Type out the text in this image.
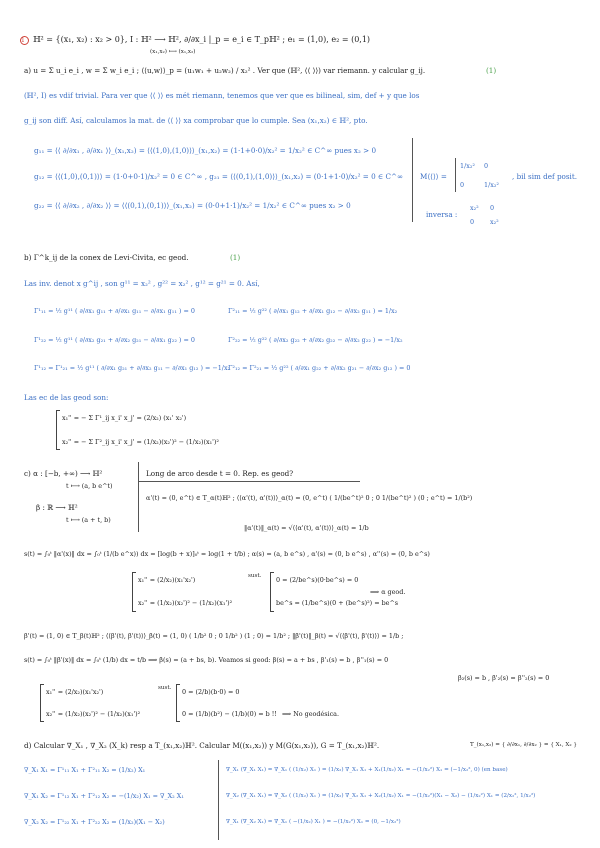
1 ℍ² = {(x₁, x₂) : x₂ > 0}, I : ℍ² ⟶ ℍ², ∂/∂x_i |_p = e_i ∈ T_pℍ² ; e₁ = (1,0), e₂ = (0,1)
(x₁,x₂) ⟼ (x₁,x₂)
a) u = Σ u_i e_i , w = Σ w_i e_i ; ⟨⟨u,w⟩⟩_p = (u₁w₁ + u₂w₂) / x₂² . Ver que (ℍ², ⟨⟨ ⟩⟩) var riemann. y calcular g_ij.	(1)
(ℍ², I) es vdif trivial. Para ver que ⟨⟨ ⟩⟩ es mét riemann, tenemos que ver que es bilineal, sim, def + y que los
g_ij son diff. Así, calculamos la mat. de ⟨⟨ ⟩⟩ xa comprobar que lo cumple. Sea (x₁,x₂) ∈ ℍ², pto.
g₁₁ = ⟨⟨ ∂/∂x₁ , ∂/∂x₁ ⟩⟩_(x₁,x₂) = ⟨⟨(1,0),(1,0)⟩⟩_(x₁,x₂) = (1·1+0·0)/x₂² = 1/x₂² ∈ C^∞ pues x₂ > 0
g₁₂ = ⟨⟨(1,0),(0,1)⟩⟩ = (1·0+0·1)/x₂² = 0 ∈ C^∞ , g₂₁ = ⟨⟨(0,1),(1,0)⟩⟩_(x₁,x₂) = (0·1+1·0)/x₂² = 0 ∈ C^∞
g₂₂ = ⟨⟨ ∂/∂x₂ , ∂/∂x₂ ⟩⟩ = ⟨⟨(0,1),(0,1)⟩⟩_(x₁,x₂) = (0·0+1·1)/x₂² = 1/x₂² ∈ C^∞ pues x₂ > 0
M⟨⟨⟩⟩ =
1/x₂² 0
0	1/x₂²
, bil sim def posit.
inversa :
x₂² 0
0 x₂²
b) Γ^k_ij de la conex de Levi-Civita, ec geod.	(1)
Las inv. denot x g^ij , son g¹¹ = x₂² , g²² = x₂² , g¹² = g²¹ = 0. Así,
Γ¹₁₁ = ½ g¹¹ ( ∂/∂x₁ g₁₁ + ∂/∂x₁ g₁₁ − ∂/∂x₁ g₁₁ ) = 0	Γ²₁₁ = ½ g²² ( ∂/∂x₁ g₁₂ + ∂/∂x₁ g₁₂ − ∂/∂x₂ g₁₁ ) = 1/x₂
Γ¹₂₂ = ½ g¹¹ ( ∂/∂x₂ g₂₁ + ∂/∂x₂ g₂₁ − ∂/∂x₁ g₂₂ ) = 0	Γ²₂₂ = ½ g²² ( ∂/∂x₂ g₂₂ + ∂/∂x₂ g₂₂ − ∂/∂x₂ g₂₂ ) = −1/x₂
Γ¹₁₂ = Γ¹₂₁ = ½ g¹¹ ( ∂/∂x₁ g₂₁ + ∂/∂x₂ g₁₁ − ∂/∂x₁ g₁₂ ) = −1/x₂
Γ²₁₂ = Γ²₂₁ = ½ g²² ( ∂/∂x₁ g₂₂ + ∂/∂x₂ g₂₁ − ∂/∂x₂ g₁₂ ) = 0
Las ec de las geod son:
x₁'' = − Σ Γ¹_ij x_i' x_j' = (2/x₂) (x₁' x₂')
x₂'' = − Σ Γ²_ij x_i' x_j' = (1/x₂)(x₂')² − (1/x₂)(x₁')²
c) α : [−b, +∞) ⟶ ℍ²
t ⟼ (a, b e^t)
β : ℝ ⟶ ℍ²
t ⟼ (a + t, b)
Long de arco desde t = 0. Rep. es geod?
α'(t) = (0, e^t) ∈ T_α(t)ℍ² ; ⟨⟨α'(t), α'(t)⟩⟩_α(t) = (0, e^t) ( 1/(be^t)² 0 ; 0 1/(be^t)² ) (0 ; e^t) = 1/(b²)
‖α'(t)‖_α(t) = √⟨⟨α'(t), α'(t)⟩⟩_α(t) = 1/b
s(t) = ∫₀ᵗ ‖α'(x)‖ dx = ∫₀ᵗ (1/(b e^x)) dx = [log(b + x)]₀ᵗ = log(1 + t/b) ; α(s) = (a, b e^s) , α'(s) = (0, b e^s) , α''(s) = (0, b e^s)
x₁'' = (2/x₂)(x₁'x₂')
x₂'' = (1/x₂)(x₂')² − (1/x₂)(x₁')²
sust. 0 = (2/be^s)(0·be^s) = 0
be^s = (1/be^s)(0 + (be^s)²) = be^s
⟹ α geod.
β'(t) = (1, 0) ∈ T_β(t)ℍ² ; ⟨⟨β'(t), β'(t)⟩⟩_β(t) = (1, 0) ( 1/b² 0 ; 0 1/b² ) (1 ; 0) = 1/b² ; ‖β'(t)‖_β(t) = √⟨⟨β'(t), β'(t)⟩⟩ = 1/b ;
s(t) = ∫₀ᵗ ‖β'(x)‖ dx = ∫₀ᵗ (1/b) dx = t/b ⟹ β(s) = (a + bs, b). Veamos si geod: β(s) = a + bs , β'₁(s) = b , β''₁(s) = 0
β₂(s) = b , β'₂(s) = β''₂(s) = 0
x₁'' = (2/x₂)(x₁'x₂')
x₂'' = (1/x₂)(x₂')² − (1/x₂)(x₁')²
sust. 0 = (2/b)(b·0) = 0
0 = (1/b)(b²) − (1/b)(0) = b !! ⟹ No geodésica.
d) Calcular ∇_X₁ , ∇_X₂ (X_k) resp a T_(x₁,x₂)ℍ². Calcular M((x₁,x₂)) y M(G(x₁,x₂)), G = T_(x₁,x₂)ℍ².	T_(x₁,x₂) = { ∂/∂x₁, ∂/∂x₂ } = { X₁, X₂ }
∇_X₁ X₁ = Γ¹₁₁ X₁ + Γ²₁₁ X₂ = (1/x₂) X₁
∇_X₁ X₂ = Γ¹₁₂ X₁ + Γ²₁₂ X₂ = −(1/x₂) X₁ = ∇_X₂ X₁
∇_X₂ X₂ = Γ¹₂₂ X₁ + Γ²₂₂ X₂ = (1/x₂)(X₁ − X₂)
∇_X₁ (∇_X₁ X₁) = ∇_X₁ ( (1/x₂) X₁ ) = (1/x₂) ∇_X₁ X₁ + X₁(1/x₂) X₁ = −(1/x₂²) X₁ = (−1/x₂², 0) (en base)
∇_X₂ (∇_X₁ X₁) = ∇_X₂ ( (1/x₂) X₁ ) = (1/x₂) ∇_X₂ X₁ + X₂(1/x₂) X₁ = −(1/x₂²)(X₁ − X₂) − (1/x₂²) X₁ = (2/x₂², 1/x₂²)
∇_X₁ (∇_X₂ X₁) = ∇_X₁ ( −(1/x₂) X₁ ) = −(1/x₂²) X₁ = (0, −1/x₂²)
